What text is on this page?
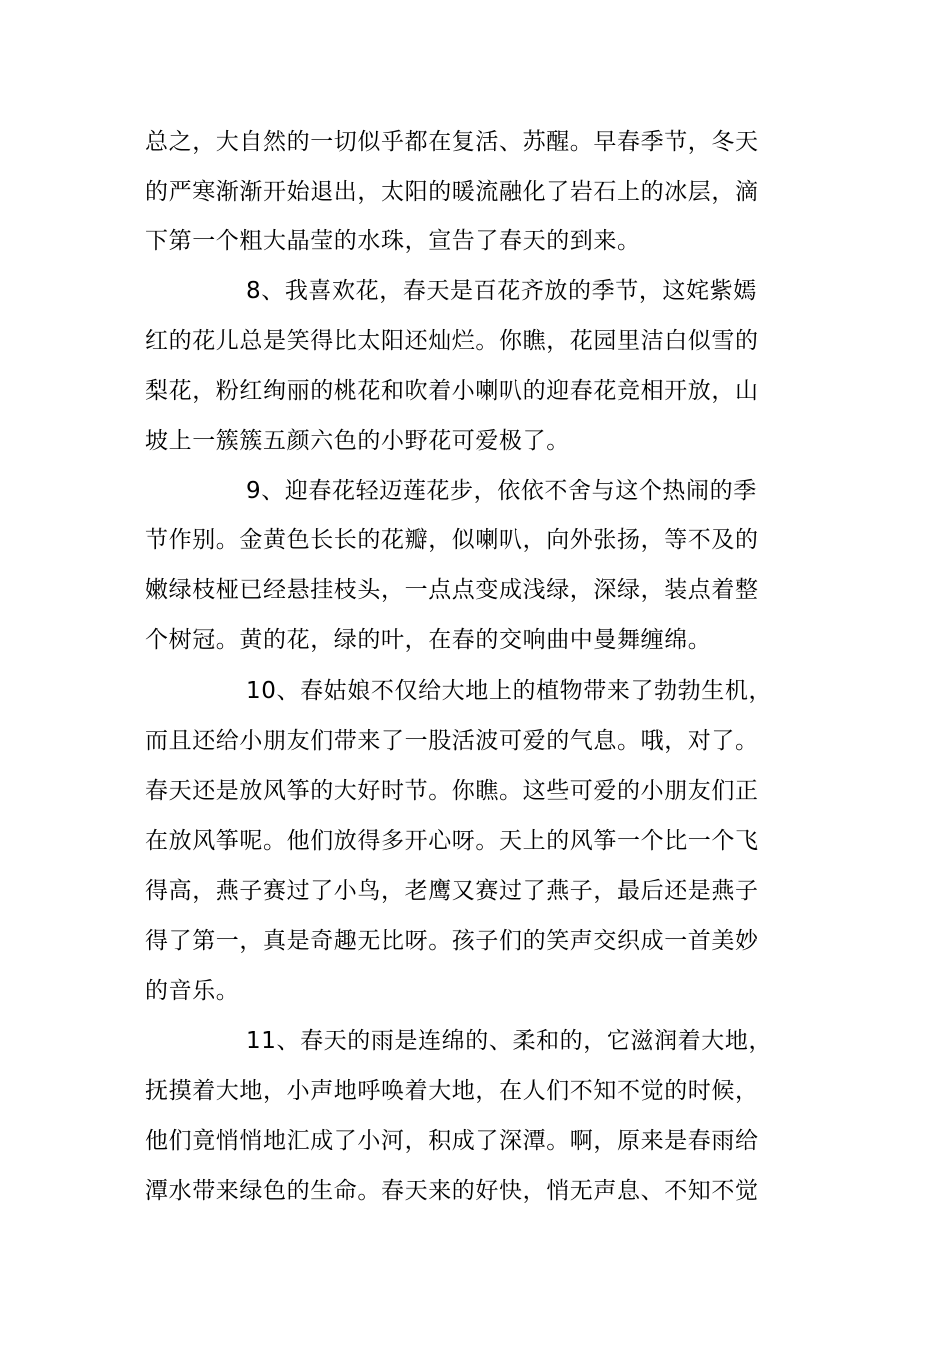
总之，大自然的一切似乎都在复活、苏醒。早春季节，冬天
的严寒渐渐开始退出，太阳的暖流融化了岩石上的冰层，滴
下第一个粗大晶莹的水珠，宣告了春天的到来。
8、我喜欢花，春天是百花齐放的季节，这姹紫嫣
红的花儿总是笑得比太阳还灿烂。你瞧，花园里洁白似雪的
梨花，粉红绚丽的桃花和吹着小喇叭的迎春花竞相开放，山
坡上一簇簇五颜六色的小野花可爱极了。
9、迎春花轻迈莲花步，依依不舍与这个热闹的季
节作别。金黄色长长的花瓣，似喇叭，向外张扬，等不及的
嫩绿枝桠已经悬挂枝头，一点点变成浅绿，深绿，装点着整
个树冠。黄的花，绿的叶，在春的交响曲中曼舞缠绵。
10、春姑娘不仅给大地上的植物带来了勃勃生机，
而且还给小朋友们带来了一股活波可爱的气息。哦，对了。
春天还是放风筝的大好时节。你瞧。这些可爱的小朋友们正
在放风筝呢。他们放得多开心呀。天上的风筝一个比一个飞
得高，燕子赛过了小鸟，老鹰又赛过了燕子，最后还是燕子
得了第一，真是奇趣无比呀。孩子们的笑声交织成一首美妙
的音乐。
11、春天的雨是连绵的、柔和的，它滋润着大地，
抚摸着大地，小声地呼唤着大地，在人们不知不觉的时候，
他们竟悄悄地汇成了小河，积成了深潭。啊，原来是春雨给
潭水带来绿色的生命。春天来的好快，悄无声息、不知不觉
